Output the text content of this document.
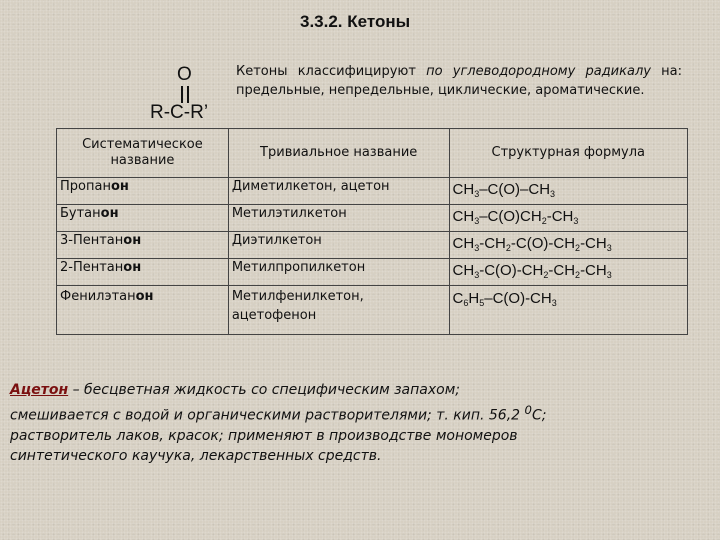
3.3.2. Кетоны
O
R-C-R’
Кетоны классифицируют по углеводородному радикалу на: предельные, непредельные, циклические, ароматические.
Систематическое название	Тривиальное название	Структурная формула
Пропанон	Диметилкетон, ацетон	$CH_3-C(O)-CH_3$
Бутанон	Метилэтилкетон	$CH_3-C(O)CH_2-CH_3$
3-Пентанон	Диэтилкетон	$CH_3-CH_2-C(O)-CH_2-CH_3$
2-Пентанон	Метилпропилкетон	$CH_3-C(O)-CH_2-CH_2-CH_3$
Фенилэтанон	Метилфенилкетон, ацетофенон	$C_6H_5-C(O)-CH_3$

Ацетон – бесцветная жидкость со специфическим запахом;

смешивается с водой и органическими растворителями; т. кип. 56,2 $^0$С;

растворитель лаков, красок; применяют в производстве мономеров

синтетического каучука, лекарственных средств.
